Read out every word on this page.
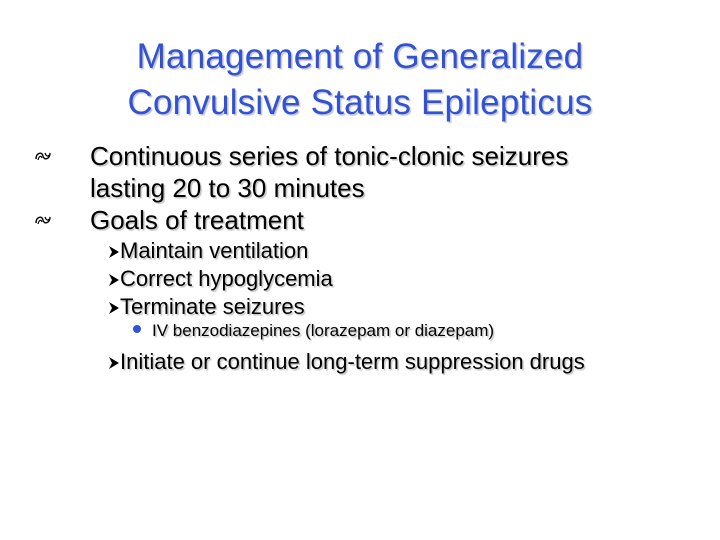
Management of Generalized
Convulsive Status Epilepticus
Continuous series of tonic-clonic seizures
lasting 20 to 30 minutes
Goals of treatment
Maintain ventilation
Correct hypoglycemia
Terminate seizures
IV benzodiazepines (lorazepam or diazepam)
Initiate or continue long-term suppression drugs
